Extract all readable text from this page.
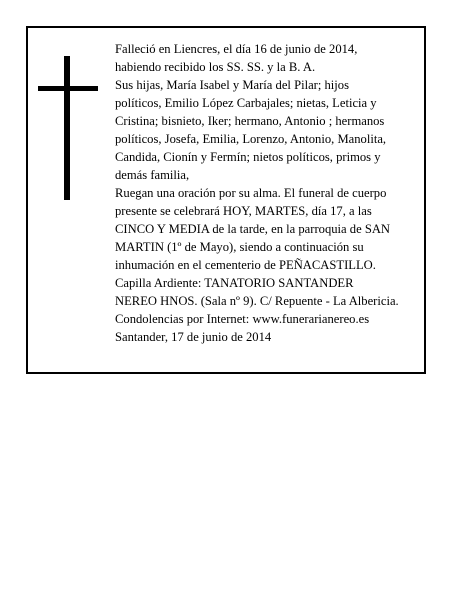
Falleció en Liencres, el día 16 de junio de 2014,
habiendo recibido los SS. SS. y la B. A.
Sus hijas, María Isabel y María del Pilar; hijos
políticos, Emilio López Carbajales; nietas, Leticia y
Cristina; bisnieto, Iker; hermano, Antonio ; hermanos
políticos, Josefa, Emilia, Lorenzo, Antonio, Manolita,
Candida, Cionín y Fermín; nietos políticos, primos y
demás familia,
Ruegan una oración por su alma. El funeral de cuerpo
presente se celebrará HOY, MARTES, día 17, a las
CINCO Y MEDIA de la tarde, en la parroquia de SAN
MARTIN (1º de Mayo), siendo a continuación su
inhumación en el cementerio de PEÑACASTILLO.
Capilla Ardiente: TANATORIO SANTANDER
NEREO HNOS. (Sala nº 9). C/ Repuente - La Albericia.
Condolencias por Internet: www.funerarianereo.es
Santander, 17 de junio de 2014
